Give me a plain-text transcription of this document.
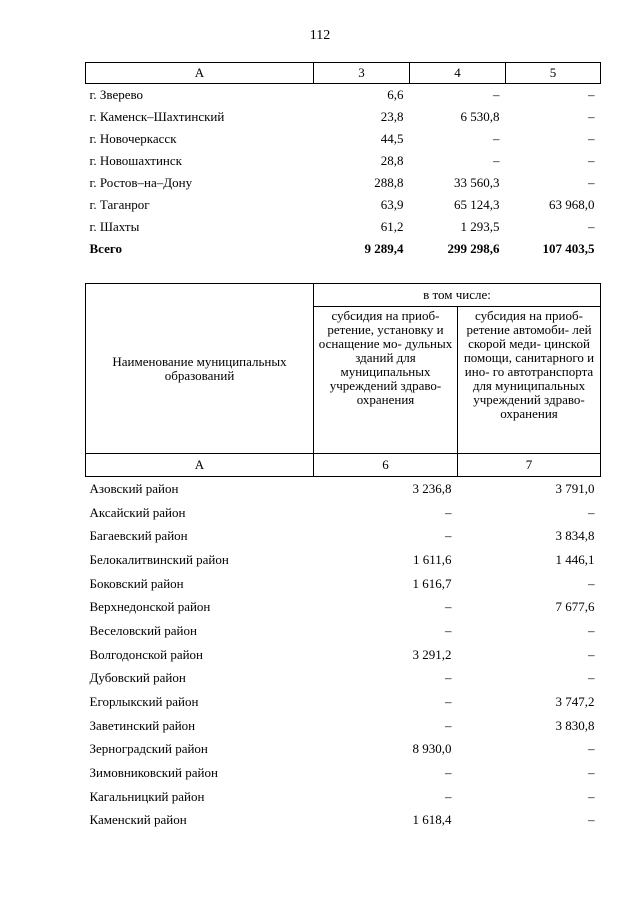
112
А	3	4	5
г. Зверево	6,6	–	–
г. Каменск–Шахтинский	23,8	6 530,8	–
г. Новочеркасск	44,5	–	–
г. Новошахтинск	28,8	–	–
г. Ростов–на–Дону	288,8	33 560,3	–
г. Таганрог	63,9	65 124,3	63 968,0
г. Шахты	61,2	1 293,5	–
Всего	9 289,4	299 298,6	107 403,5
Наименование муниципальных образований	в том числе:	
	субсидия на приоб- ретение, установку и оснащение мо- дульных зданий для муниципальных учреждений здраво- охранения	субсидия на приоб- ретение автомоби- лей скорой меди- цинской помощи, санитарного и ино- го автотранспорта для муниципальных учреждений здраво- охранения
А	6	7
Азовский район	3 236,8	3 791,0
Аксайский район	–	–
Багаевский район	–	3 834,8
Белокалитвинский район	1 611,6	1 446,1
Боковский район	1 616,7	–
Верхнедонской район	–	7 677,6
Веселовский район	–	–
Волгодонской район	3 291,2	–
Дубовский район	–	–
Егорлыкский район	–	3 747,2
Заветинский район	–	3 830,8
Зерноградский район	8 930,0	–
Зимовниковский район	–	–
Кагальницкий район	–	–
Каменский район	1 618,4	–
